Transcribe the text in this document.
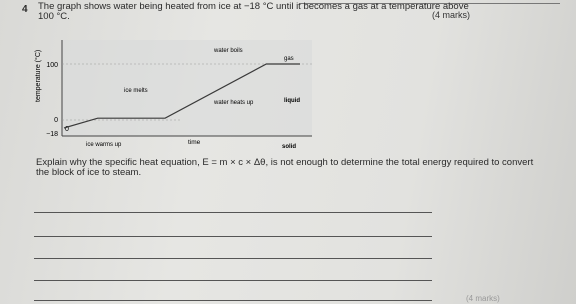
4 The graph shows water being heated from ice at −18 °C until it becomes a gas at a temperature above 100 °C.	(4 marks)
100
0
−18
0
temperature (°C)
time
water boils
gas
water heats up	liquid
ice melts
ice warms up	solid
Explain why the specific heat equation, E = m × c × Δθ, is not enough to determine the total energy required to convert the block of ice to steam.
(4 marks)
